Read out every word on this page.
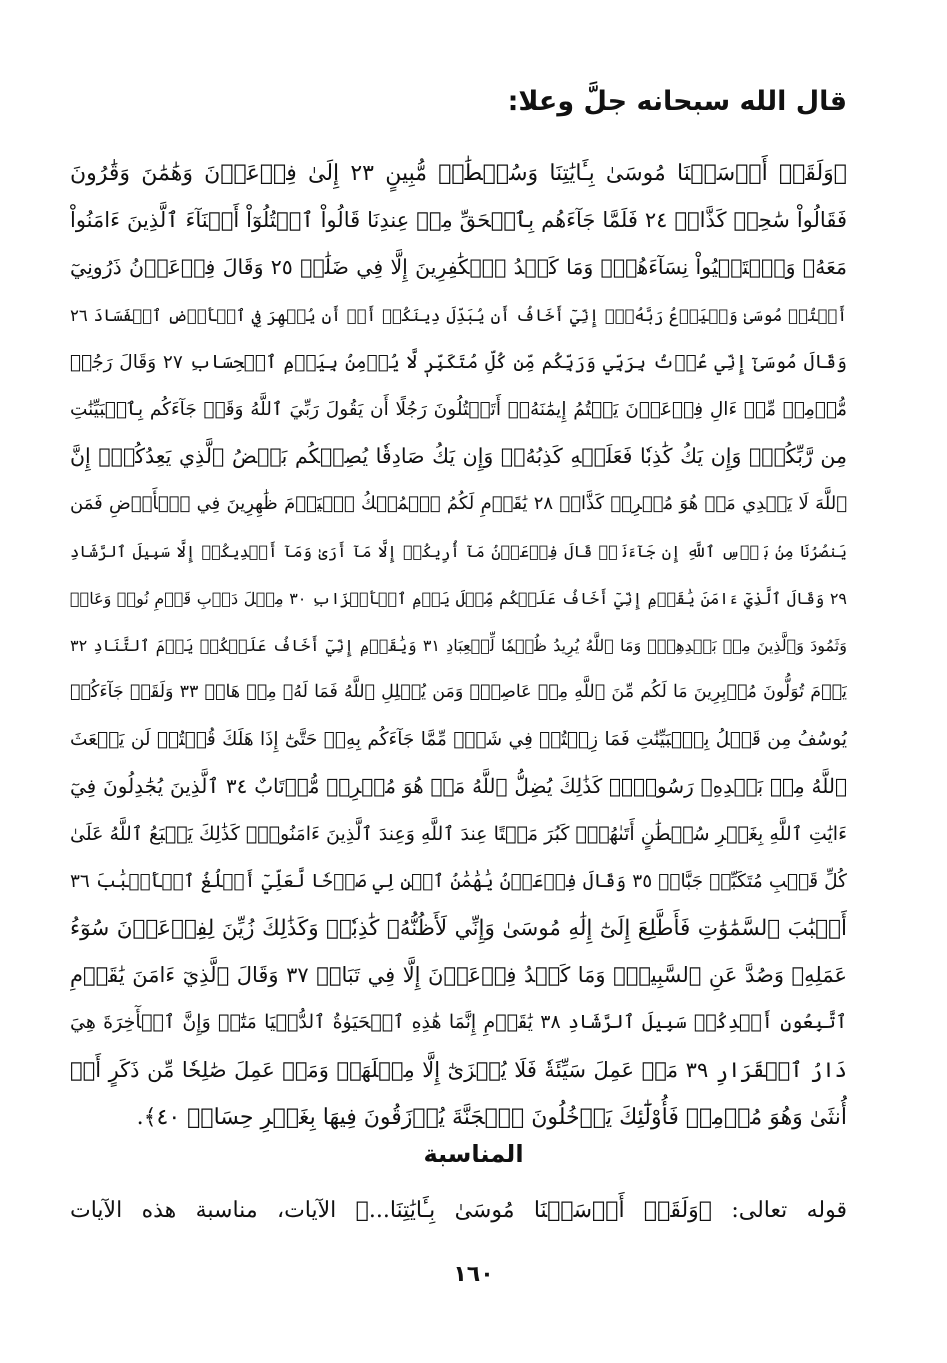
قال الله سبحانه جلَّ وعلا:
﴿وَلَقَدۡ أَرۡسَلۡنَا مُوسَىٰ بِـَٔايَٰتِنَا وَسُلۡطَٰنٖ مُّبِينٍ ٢٣ إِلَىٰ فِرۡعَوۡنَ وَهَٰمَٰنَ وَقَٰرُونَ
فَقَالُواْ سَٰحِرٞ كَذَّابٞ ٢٤ فَلَمَّا جَآءَهُم بِٱلۡحَقِّ مِنۡ عِندِنَا قَالُواْ ٱقۡتُلُوٓاْ أَبۡنَآءَ ٱلَّذِينَ ءَامَنُواْ
مَعَهُۥ وَٱسۡتَحۡيُواْ نِسَآءَهُمۡۚ وَمَا كَيۡدُ ٱلۡكَٰفِرِينَ إِلَّا فِي ضَلَٰلٖ ٢٥ وَقَالَ فِرۡعَوۡنُ ذَرُونِيٓ
أَقۡتُلۡ مُوسَىٰ وَلۡيَدۡعُ رَبَّهُۥٓۖ إِنِّيٓ أَخَافُ أَن يُبَدِّلَ دِينَكُمۡ أَوۡ أَن يُظۡهِرَ فِي ٱلۡأَرۡضِ ٱلۡفَسَادَ ٢٦
وَقَالَ مُوسَىٰٓ إِنِّي عُذۡتُ بِرَبِّي وَرَبِّكُم مِّن كُلِّ مُتَكَبِّرٖ لَّا يُؤۡمِنُ بِيَوۡمِ ٱلۡحِسَابِ ٢٧ وَقَالَ رَجُلٞ
مُّؤۡمِنٞ مِّنۡ ءَالِ فِرۡعَوۡنَ يَكۡتُمُ إِيمَٰنَهُۥٓ أَتَقۡتُلُونَ رَجُلًا أَن يَقُولَ رَبِّيَ ٱللَّهُ وَقَدۡ جَآءَكُم بِٱلۡبَيِّنَٰتِ
مِن رَّبِّكُمۡۖ وَإِن يَكُ كَٰذِبٗا فَعَلَيۡهِ كَذِبُهُۥۖ وَإِن يَكُ صَادِقٗا يُصِبۡكُم بَعۡضُ ٱلَّذِي يَعِدُكُمۡۖ إِنَّ
ٱللَّهَ لَا يَهۡدِي مَنۡ هُوَ مُسۡرِفٞ كَذَّابٞ ٢٨ يَٰقَوۡمِ لَكُمُ ٱلۡمُلۡكُ ٱلۡيَوۡمَ ظَٰهِرِينَ فِي ٱلۡأَرۡضِ فَمَن
يَنصُرُنَا مِنۢ بَأۡسِ ٱللَّهِ إِن جَآءَنَاۚ قَالَ فِرۡعَوۡنُ مَآ أُرِيكُمۡ إِلَّا مَآ أَرَىٰ وَمَآ أَهۡدِيكُمۡ إِلَّا سَبِيلَ ٱلرَّشَادِ
٢٩ وَقَالَ ٱلَّذِيٓ ءَامَنَ يَٰقَوۡمِ إِنِّيٓ أَخَافُ عَلَيۡكُم مِّثۡلَ يَوۡمِ ٱلۡأَحۡزَابِ ٣٠ مِثۡلَ دَأۡبِ قَوۡمِ نُوحٖ وَعَادٖ
وَثَمُودَ وَٱلَّذِينَ مِنۢ بَعۡدِهِمۡۚ وَمَا ٱللَّهُ يُرِيدُ ظُلۡمٗا لِّلۡعِبَادِ ٣١ وَيَٰقَوۡمِ إِنِّيٓ أَخَافُ عَلَيۡكُمۡ يَوۡمَ ٱلتَّنَادِ ٣٢
يَوۡمَ تُوَلُّونَ مُدۡبِرِينَ مَا لَكُم مِّنَ ٱللَّهِ مِنۡ عَاصِمٖۗ وَمَن يُضۡلِلِ ٱللَّهُ فَمَا لَهُۥ مِنۡ هَادٖ ٣٣ وَلَقَدۡ جَآءَكُمۡ
يُوسُفُ مِن قَبۡلُ بِٱلۡبَيِّنَٰتِ فَمَا زِلۡتُمۡ فِي شَكّٖ مِّمَّا جَآءَكُم بِهِۦۖ حَتَّىٰٓ إِذَا هَلَكَ قُلۡتُمۡ لَن يَبۡعَثَ
ٱللَّهُ مِنۢ بَعۡدِهِۦ رَسُولٗاۚ كَذَٰلِكَ يُضِلُّ ٱللَّهُ مَنۡ هُوَ مُسۡرِفٞ مُّرۡتَابٌ ٣٤ ٱلَّذِينَ يُجَٰدِلُونَ فِيٓ
ءَايَٰتِ ٱللَّهِ بِغَيۡرِ سُلۡطَٰنٍ أَتَىٰهُمۡۖ كَبُرَ مَقۡتًا عِندَ ٱللَّهِ وَعِندَ ٱلَّذِينَ ءَامَنُواْۚ كَذَٰلِكَ يَطۡبَعُ ٱللَّهُ عَلَىٰ
كُلِّ قَلۡبِ مُتَكَبِّرٖ جَبَّارٖ ٣٥ وَقَالَ فِرۡعَوۡنُ يَٰهَٰمَٰنُ ٱبۡنِ لِي صَرۡحٗا لَّعَلِّيٓ أَبۡلُغُ ٱلۡأَسۡبَٰبَ ٣٦
أَسۡبَٰبَ ٱلسَّمَٰوَٰتِ فَأَطَّلِعَ إِلَىٰٓ إِلَٰهِ مُوسَىٰ وَإِنِّي لَأَظُنُّهُۥ كَٰذِبٗاۚ وَكَذَٰلِكَ زُيِّنَ لِفِرۡعَوۡنَ سُوٓءُ
عَمَلِهِۦ وَصُدَّ عَنِ ٱلسَّبِيلِۚ وَمَا كَيۡدُ فِرۡعَوۡنَ إِلَّا فِي تَبَابٖ ٣٧ وَقَالَ ٱلَّذِيٓ ءَامَنَ يَٰقَوۡمِ
ٱتَّبِعُونِ أَهۡدِكُمۡ سَبِيلَ ٱلرَّشَادِ ٣٨ يَٰقَوۡمِ إِنَّمَا هَٰذِهِ ٱلۡحَيَوٰةُ ٱلدُّنۡيَا مَتَٰعٞ وَإِنَّ ٱلۡأٓخِرَةَ هِيَ
دَارُ ٱلۡقَرَارِ ٣٩ مَنۡ عَمِلَ سَيِّئَةٗ فَلَا يُجۡزَىٰٓ إِلَّا مِثۡلَهَاۖ وَمَنۡ عَمِلَ صَٰلِحٗا مِّن ذَكَرٍ أَوۡ
أُنثَىٰ وَهُوَ مُؤۡمِنٞ فَأُوْلَٰٓئِكَ يَدۡخُلُونَ ٱلۡجَنَّةَ يُرۡزَقُونَ فِيهَا بِغَيۡرِ حِسَابٖ ٤٠﴾.
المناسبة
قوله تعالى: ﴿وَلَقَدۡ أَرۡسَلۡنَا مُوسَىٰ بِـَٔايَٰتِنَا...﴾ الآيات، مناسبة هذه الآيات
١٦٠
